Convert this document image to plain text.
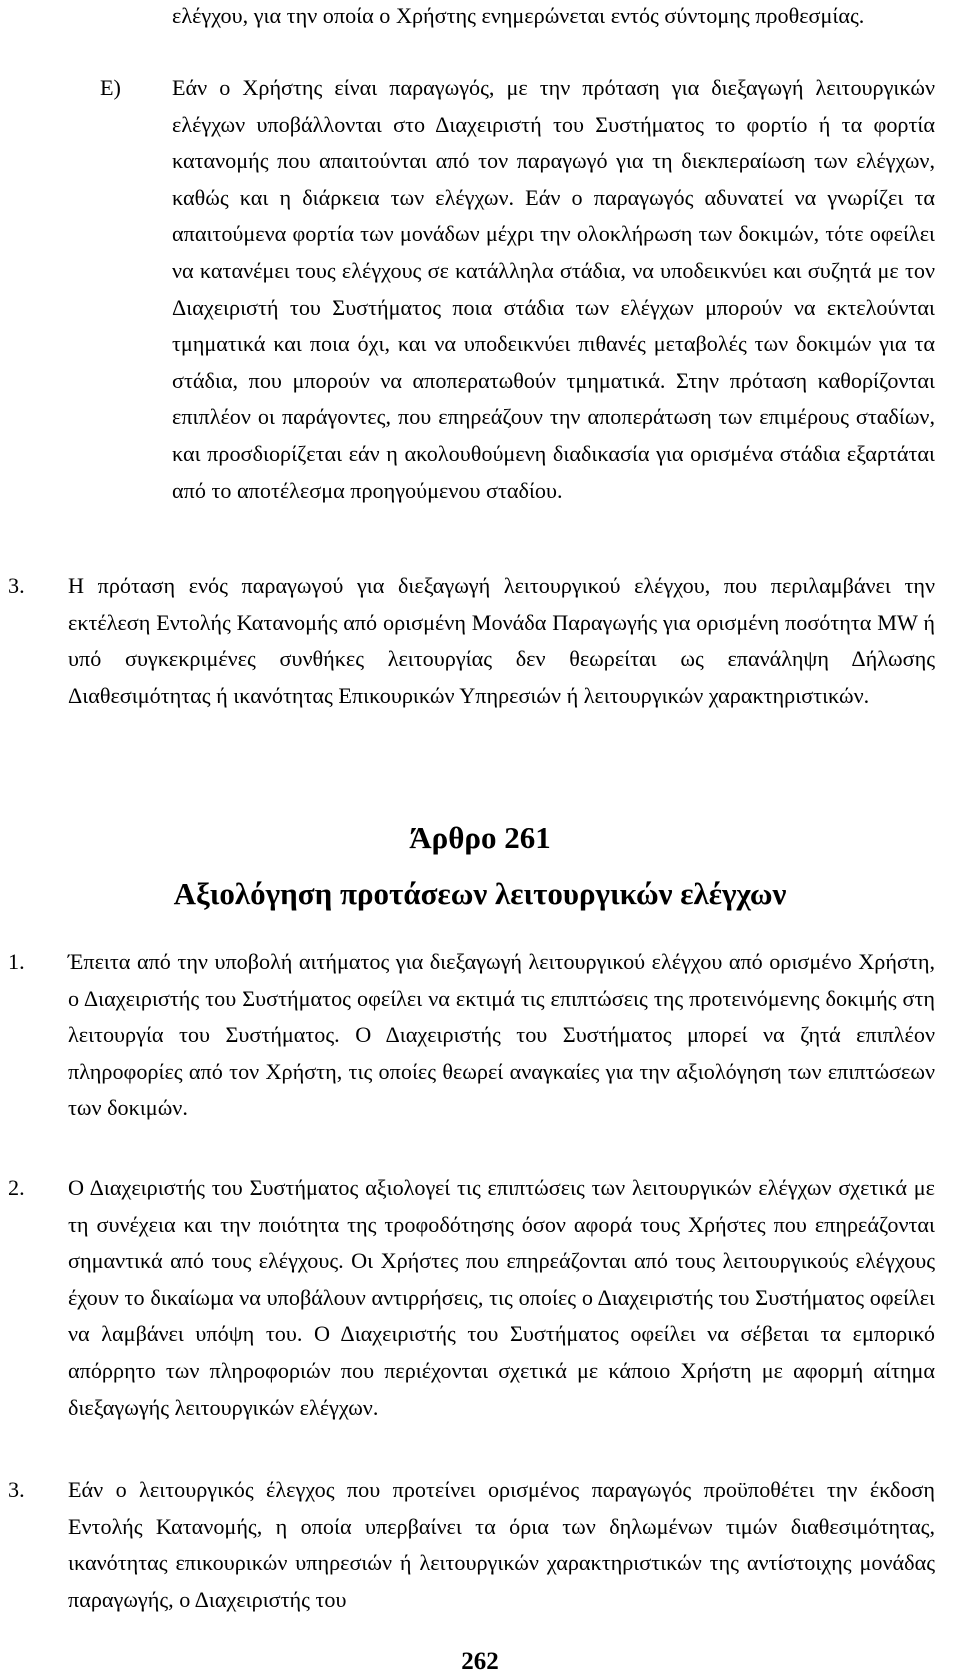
ελέγχου, για την οποία ο Χρήστης ενημερώνεται εντός σύντομης προθεσμίας.

Ε)	Εάν ο Χρήστης είναι παραγωγός, με την πρόταση για διεξαγωγή λειτουργικών ελέγχων υποβάλλονται στο Διαχειριστή του Συστήματος το φορτίο ή τα φορτία κατανομής που απαιτούνται από τον παραγωγό για τη διεκπεραίωση των ελέγχων, καθώς και η διάρκεια των ελέγχων. Εάν ο παραγωγός αδυνατεί να γνωρίζει τα απαιτούμενα φορτία των μονάδων μέχρι την ολοκλήρωση των δοκιμών, τότε οφείλει να κατανέμει τους ελέγχους σε κατάλληλα στάδια, να υποδεικνύει και συζητά με τον Διαχειριστή του Συστήματος ποια στάδια των ελέγχων μπορούν να εκτελούνται τμηματικά και ποια όχι, και να υποδεικνύει πιθανές μεταβολές των δοκιμών για τα στάδια, που μπορούν να αποπερατωθούν τμηματικά. Στην πρόταση καθορίζονται επιπλέον οι παράγοντες, που επηρεάζουν την αποπεράτωση των επιμέρους σταδίων, και προσδιορίζεται εάν η ακολουθούμενη διαδικασία για ορισμένα στάδια εξαρτάται από το αποτέλεσμα προηγούμενου σταδίου.

3.	Η πρόταση ενός παραγωγού για διεξαγωγή λειτουργικού ελέγχου, που περιλαμβάνει την εκτέλεση Εντολής Κατανομής από ορισμένη Μονάδα Παραγωγής για ορισμένη ποσότητα MW ή υπό συγκεκριμένες συνθήκες λειτουργίας δεν θεωρείται ως επανάληψη Δήλωσης Διαθεσιμότητας ή ικανότητας Επικουρικών Υπηρεσιών ή λειτουργικών χαρακτηριστικών.

Άρθρο 261
Αξιολόγηση προτάσεων λειτουργικών ελέγχων
1.	Έπειτα από την υποβολή αιτήματος για διεξαγωγή λειτουργικού ελέγχου από ορισμένο Χρήστη, ο Διαχειριστής του Συστήματος οφείλει να εκτιμά τις επιπτώσεις της προτεινόμενης δοκιμής στη λειτουργία του Συστήματος. Ο Διαχειριστής του Συστήματος μπορεί να ζητά επιπλέον πληροφορίες από τον Χρήστη, τις οποίες θεωρεί αναγκαίες για την αξιολόγηση των επιπτώσεων των δοκιμών.

2.	Ο Διαχειριστής του Συστήματος αξιολογεί τις επιπτώσεις των λειτουργικών ελέγχων σχετικά με τη συνέχεια και την ποιότητα της τροφοδότησης όσον αφορά τους Χρήστες που επηρεάζονται σημαντικά από τους ελέγχους. Οι Χρήστες που επηρεάζονται από τους λειτουργικούς ελέγχους έχουν το δικαίωμα να υποβάλουν αντιρρήσεις, τις οποίες ο Διαχειριστής του Συστήματος οφείλει να λαμβάνει υπόψη του. Ο Διαχειριστής του Συστήματος οφείλει να σέβεται τα εμπορικό απόρρητο των πληροφοριών που περιέχονται σχετικά με κάποιο Χρήστη με αφορμή αίτημα διεξαγωγής λειτουργικών ελέγχων.

3.	Εάν ο λειτουργικός έλεγχος που προτείνει ορισμένος παραγωγός προϋποθέτει την έκδοση Εντολής Κατανομής, η οποία υπερβαίνει τα όρια των δηλωμένων τιμών διαθεσιμότητας, ικανότητας επικουρικών υπηρεσιών ή λειτουργικών χαρακτηριστικών της αντίστοιχης μονάδας παραγωγής, ο Διαχειριστής του

262
